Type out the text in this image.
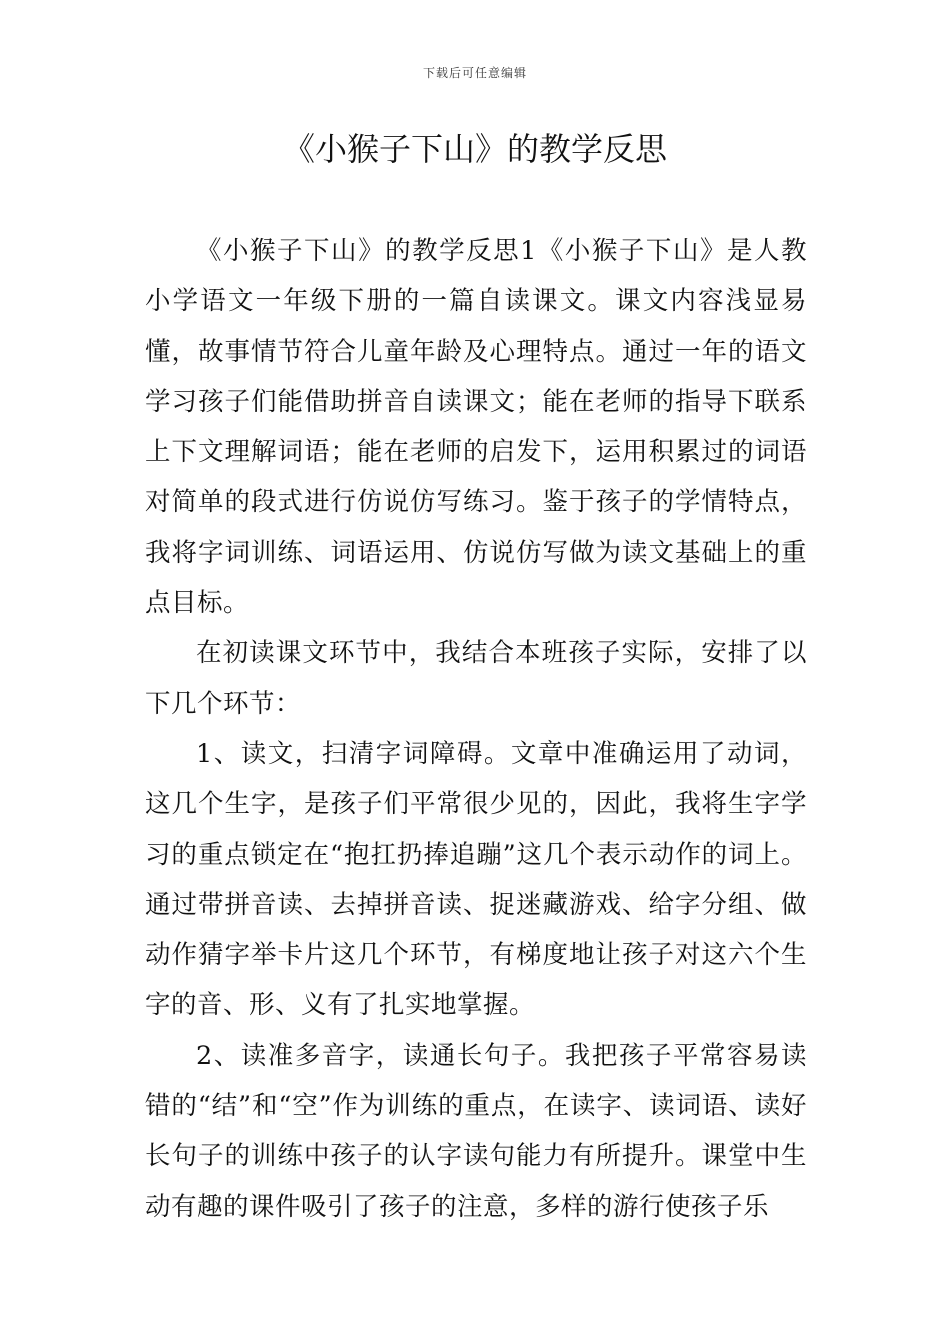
下载后可任意编辑
《小猴子下山》的教学反思

《小猴子下山》的教学反思1《小猴子下山》是人教小学语文一年级下册的一篇自读课文。课文内容浅显易懂，故事情节符合儿童年龄及心理特点。通过一年的语文学习孩子们能借助拼音自读课文；能在老师的指导下联系上下文理解词语；能在老师的启发下，运用积累过的词语对简单的段式进行仿说仿写练习。鉴于孩子的学情特点，我将字词训练、词语运用、仿说仿写做为读文基础上的重点目标。

在初读课文环节中，我结合本班孩子实际，安排了以下几个环节：

1、读文，扫清字词障碍。文章中准确运用了动词，这几个生字，是孩子们平常很少见的，因此，我将生字学习的重点锁定在“抱扛扔捧追蹦”这几个表示动作的词上。通过带拼音读、去掉拼音读、捉迷藏游戏、给字分组、做动作猜字举卡片这几个环节，有梯度地让孩子对这六个生字的音、形、义有了扎实地掌握。

2、读准多音字，读通长句子。我把孩子平常容易读错的“结”和“空”作为训练的重点，在读字、读词语、读好长句子的训练中孩子的认字读句能力有所提升。课堂中生动有趣的课件吸引了孩子的注意，多样的游行使孩子乐
